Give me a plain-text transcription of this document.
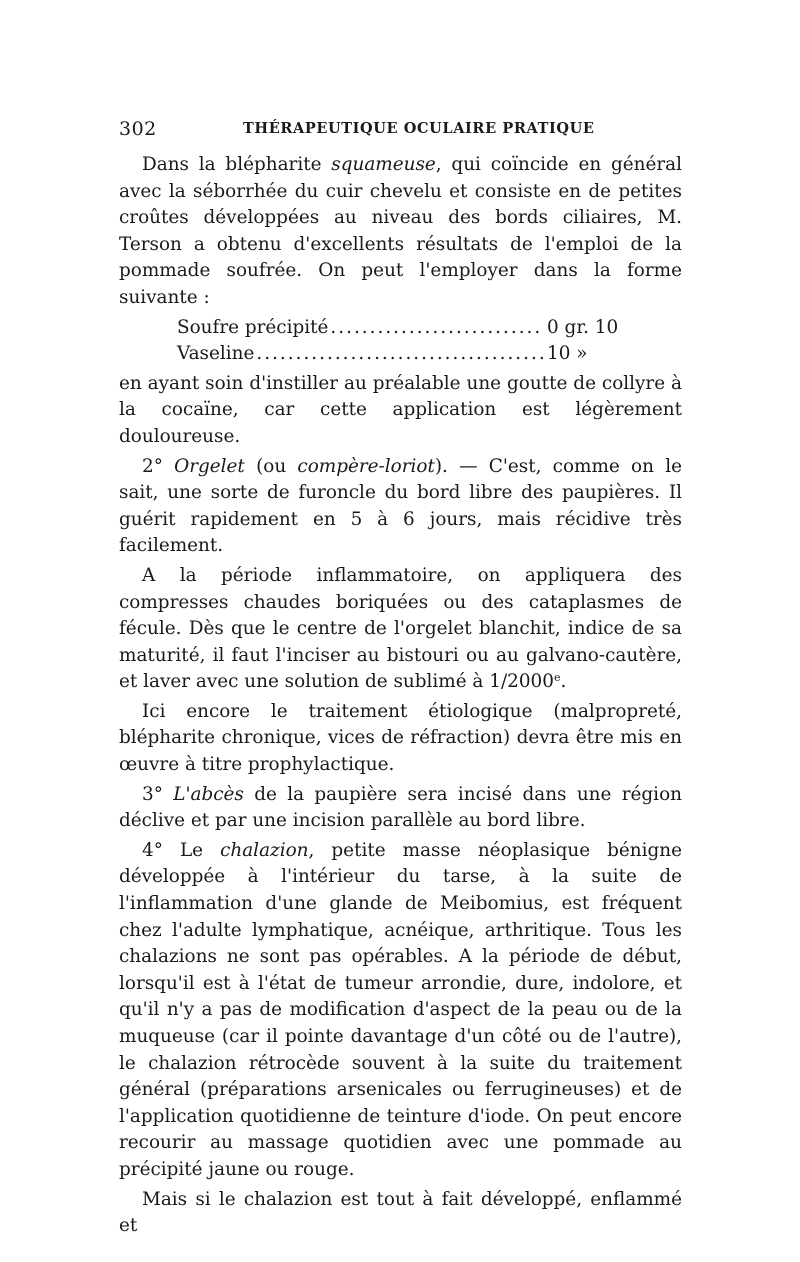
302	THÉRAPEUTIQUE OCULAIRE PRATIQUE

Dans la blépharite squameuse, qui coïncide en général avec la séborrhée du cuir chevelu et consiste en de petites croûtes développées au niveau des bords ciliaires, M. Terson a obtenu d'excellents résultats de l'emploi de la pommade soufrée. On peut l'employer dans la forme suivante :

Soufre précipité .....	0 gr. 10
Vaseline .....	10 »

en ayant soin d'instiller au préalable une goutte de collyre à la cocaïne, car cette application est légèrement douloureuse.

2° Orgelet (ou compère-loriot). — C'est, comme on le sait, une sorte de furoncle du bord libre des paupières. Il guérit rapidement en 5 à 6 jours, mais récidive très facilement.

A la période inflammatoire, on appliquera des compresses chaudes boriquées ou des cataplasmes de fécule. Dès que le centre de l'orgelet blanchit, indice de sa maturité, il faut l'inciser au bistouri ou au galvano-cautère, et laver avec une solution de sublimé à 1/2000e.

Ici encore le traitement étiologique (malpropreté, blépharite chronique, vices de réfraction) devra être mis en œuvre à titre prophylactique.

3° L'abcès de la paupière sera incisé dans une région déclive et par une incision parallèle au bord libre.

4° Le chalazion, petite masse néoplasique bénigne développée à l'intérieur du tarse, à la suite de l'inflammation d'une glande de Meibomius, est fréquent chez l'adulte lymphatique, acnéique, arthritique. Tous les chalazions ne sont pas opérables. A la période de début, lorsqu'il est à l'état de tumeur arrondie, dure, indolore, et qu'il n'y a pas de modification d'aspect de la peau ou de la muqueuse (car il pointe davantage d'un côté ou de l'autre), le chalazion rétrocède souvent à la suite du traitement général (préparations arsenicales ou ferrugineuses) et de l'application quotidienne de teinture d'iode. On peut encore recourir au massage quotidien avec une pommade au précipité jaune ou rouge.

Mais si le chalazion est tout à fait développé, enflammé et
